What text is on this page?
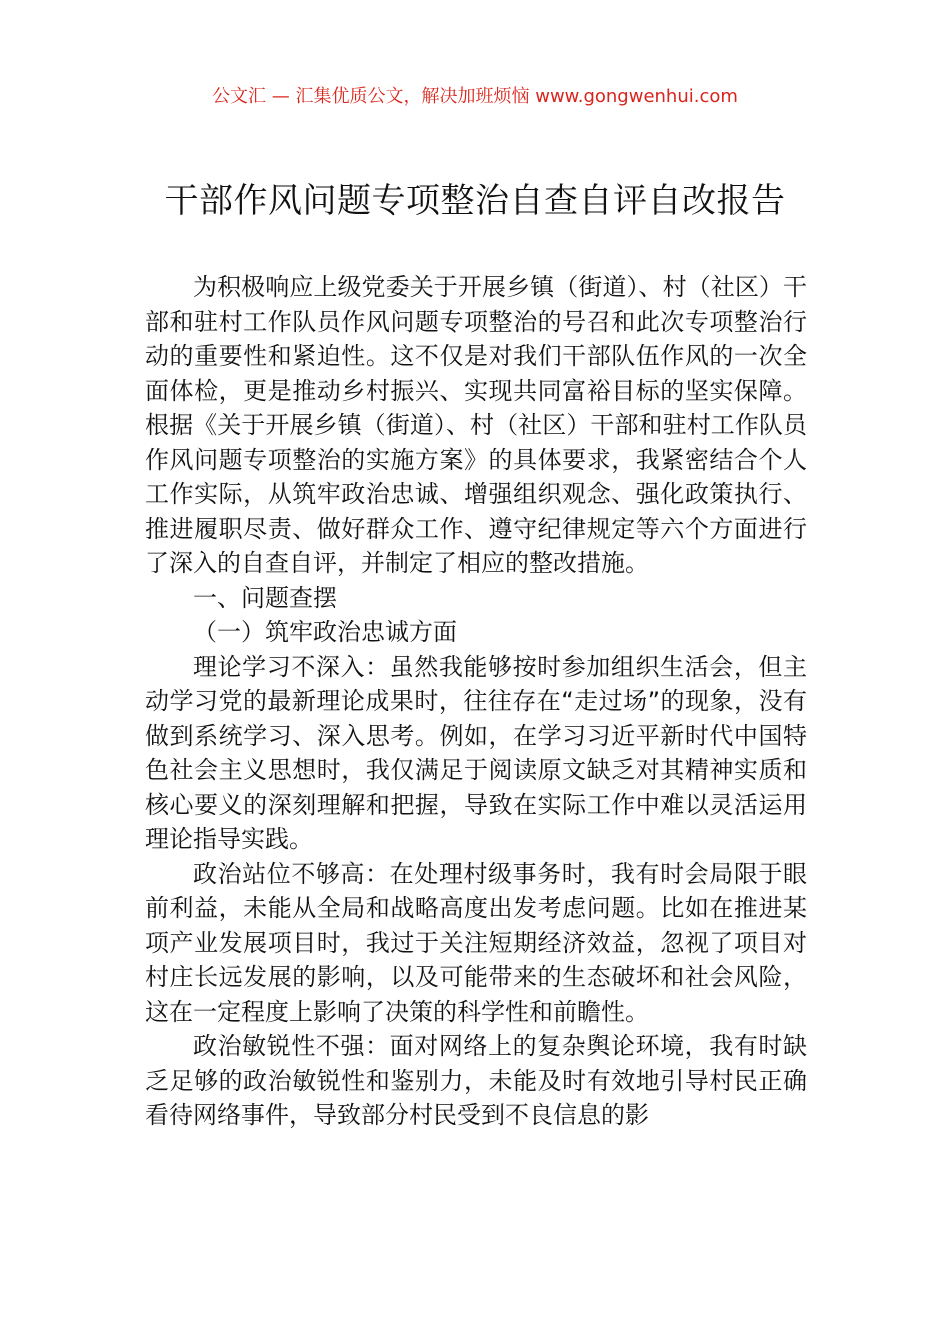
公文汇 — 汇集优质公文，解决加班烦恼 www.gongwenhui.com
干部作风问题专项整治自查自评自改报告

为积极响应上级党委关于开展乡镇（街道）、村（社区）干部和驻村工作队员作风问题专项整治的号召和此次专项整治行动的重要性和紧迫性。这不仅是对我们干部队伍作风的一次全面体检，更是推动乡村振兴、实现共同富裕目标的坚实保障。根据《关于开展乡镇（街道）、村（社区）干部和驻村工作队员作风问题专项整治的实施方案》的具体要求，我紧密结合个人工作实际，从筑牢政治忠诚、增强组织观念、强化政策执行、推进履职尽责、做好群众工作、遵守纪律规定等六个方面进行了深入的自查自评，并制定了相应的整改措施。

一、问题查摆

（一）筑牢政治忠诚方面

理论学习不深入：虽然我能够按时参加组织生活会，但主动学习党的最新理论成果时，往往存在“走过场”的现象，没有做到系统学习、深入思考。例如，在学习习近平新时代中国特色社会主义思想时，我仅满足于阅读原文缺乏对其精神实质和核心要义的深刻理解和把握，导致在实际工作中难以灵活运用理论指导实践。

政治站位不够高：在处理村级事务时，我有时会局限于眼前利益，未能从全局和战略高度出发考虑问题。比如在推进某项产业发展项目时，我过于关注短期经济效益，忽视了项目对村庄长远发展的影响，以及可能带来的生态破坏和社会风险，这在一定程度上影响了决策的科学性和前瞻性。

政治敏锐性不强：面对网络上的复杂舆论环境，我有时缺乏足够的政治敏锐性和鉴别力，未能及时有效地引导村民正确看待网络事件，导致部分村民受到不良信息的影
